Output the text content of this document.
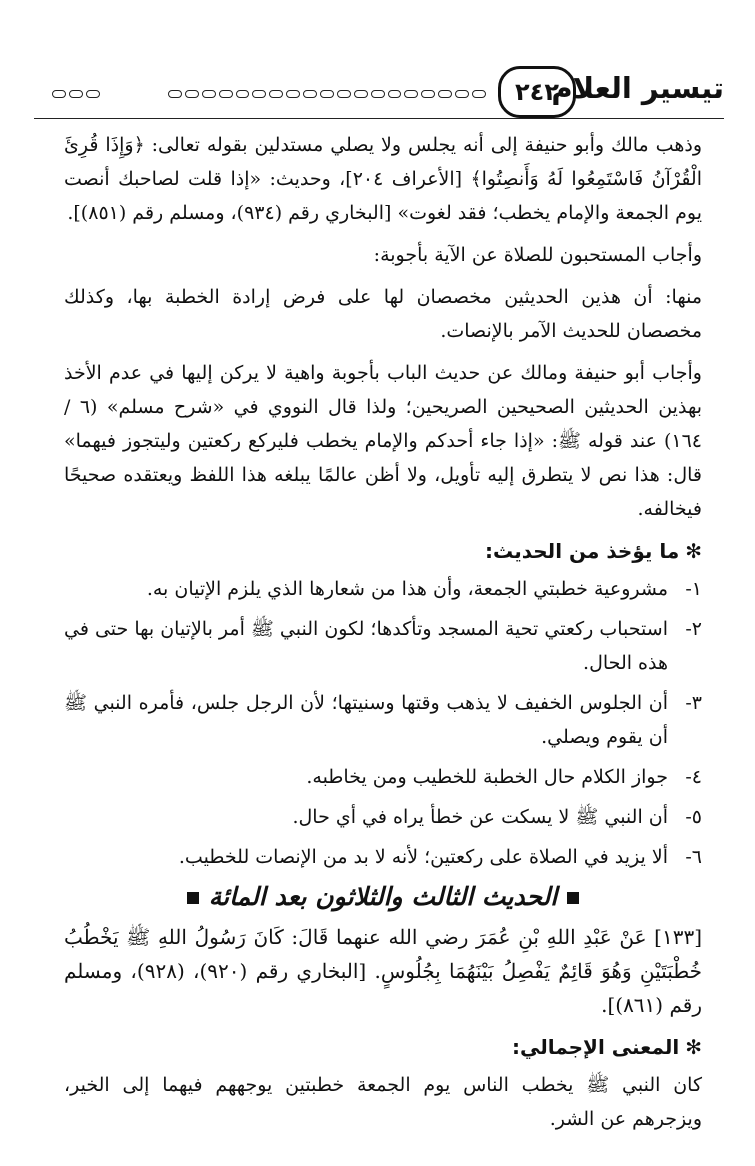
تيسير العلام
٢٤٢

وذهب مالك وأبو حنيفة إلى أنه يجلس ولا يصلي مستدلين بقوله تعالى: ﴿وَإِذَا قُرِئَ الْقُرْآنُ فَاسْتَمِعُوا لَهُ وَأَنصِتُوا﴾ [الأعراف ٢٠٤]، وحديث: «إذا قلت لصاحبك أنصت يوم الجمعة والإمام يخطب؛ فقد لغوت» [البخاري رقم (٩٣٤)، ومسلم رقم (٨٥١)].

وأجاب المستحبون للصلاة عن الآية بأجوبة:

منها: أن هذين الحديثين مخصصان لها على فرض إرادة الخطبة بها، وكذلك مخصصان للحديث الآمر بالإنصات.

وأجاب أبو حنيفة ومالك عن حديث الباب بأجوبة واهية لا يركن إليها في عدم الأخذ بهذين الحديثين الصحيحين الصريحين؛ ولذا قال النووي في «شرح مسلم» (٦ / ١٦٤) عند قوله ﷺ: «إذا جاء أحدكم والإمام يخطب فليركع ركعتين وليتجوز فيهما» قال: هذا نص لا يتطرق إليه تأويل، ولا أظن عالمًا يبلغه هذا اللفظ ويعتقده صحيحًا فيخالفه.

✻ما يؤخذ من الحديث:
١-
مشروعية خطبتي الجمعة، وأن هذا من شعارها الذي يلزم الإتيان به.
٢-
استحباب ركعتي تحية المسجد وتأكدها؛ لكون النبي ﷺ أمر بالإتيان بها حتى في هذه الحال.
٣-
أن الجلوس الخفيف لا يذهب وقتها وسنيتها؛ لأن الرجل جلس، فأمره النبي ﷺ أن يقوم ويصلي.
٤-
جواز الكلام حال الخطبة للخطيب ومن يخاطبه.
٥-
أن النبي ﷺ لا يسكت عن خطأ يراه في أي حال.
٦-
ألا يزيد في الصلاة على ركعتين؛ لأنه لا بد من الإنصات للخطيب.
الحديث الثالث والثلاثون بعد المائة

[١٣٣] عَنْ عَبْدِ اللهِ بْنِ عُمَرَ رضي الله عنهما قَالَ: كَانَ رَسُولُ اللهِ ﷺ يَخْطُبُ خُطْبَتَيْنِ وَهُوَ قَائِمٌ يَفْصِلُ بَيْنَهُمَا بِجُلُوسٍ. [البخاري رقم (٩٢٠)، (٩٢٨)، ومسلم رقم (٨٦١)].

✻المعنى الإجمالي:

كان النبي ﷺ يخطب الناس يوم الجمعة خطبتين يوجههم فيهما إلى الخير، ويزجرهم عن الشر.
